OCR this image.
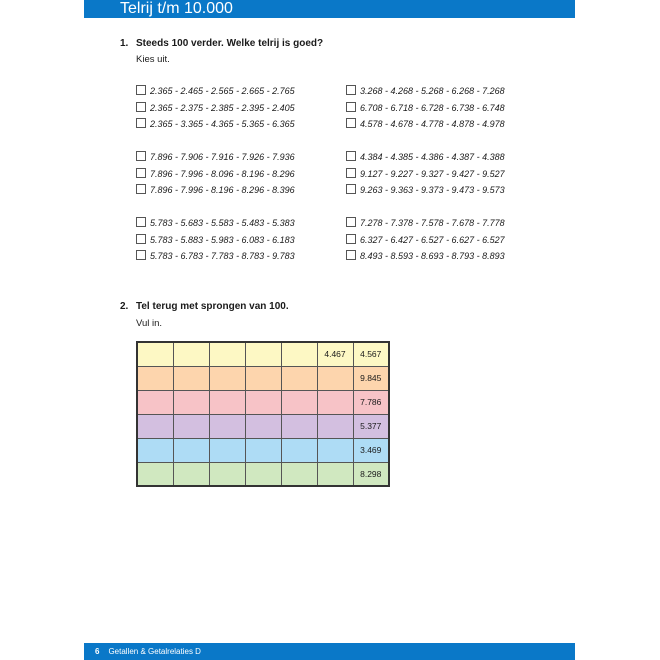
Telrij t/m 10.000
1. Steeds 100 verder. Welke telrij is goed?
Kies uit.
2.365 - 2.465 - 2.565 - 2.665 - 2.765
2.365 - 2.375 - 2.385 - 2.395 - 2.405
2.365 - 3.365 - 4.365 - 5.365 - 6.365
3.268 - 4.268 - 5.268 - 6.268 - 7.268
6.708 - 6.718 - 6.728 - 6.738 - 6.748
4.578 - 4.678 - 4.778 - 4.878 - 4.978
7.896 - 7.906 - 7.916 - 7.926 - 7.936
7.896 - 7.996 - 8.096 - 8.196 - 8.296
7.896 - 7.996 - 8.196 - 8.296 - 8.396
4.384 - 4.385 - 4.386 - 4.387 - 4.388
9.127 - 9.227 - 9.327 - 9.427 - 9.527
9.263 - 9.363 - 9.373 - 9.473 - 9.573
5.783 - 5.683 - 5.583 - 5.483 - 5.383
5.783 - 5.883 - 5.983 - 6.083 - 6.183
5.783 - 6.783 - 7.783 - 8.783 - 9.783
7.278 - 7.378 - 7.578 - 7.678 - 7.778
6.327 - 6.427 - 6.527 - 6.627 - 6.527
8.493 - 8.593 - 8.693 - 8.793 - 8.893
2. Tel terug met sprongen van 100.
Vul in.
					4.467	4.567
						9.845
						7.786
						5.377
						3.469
						8.298
6 Getallen & Getalrelaties D
